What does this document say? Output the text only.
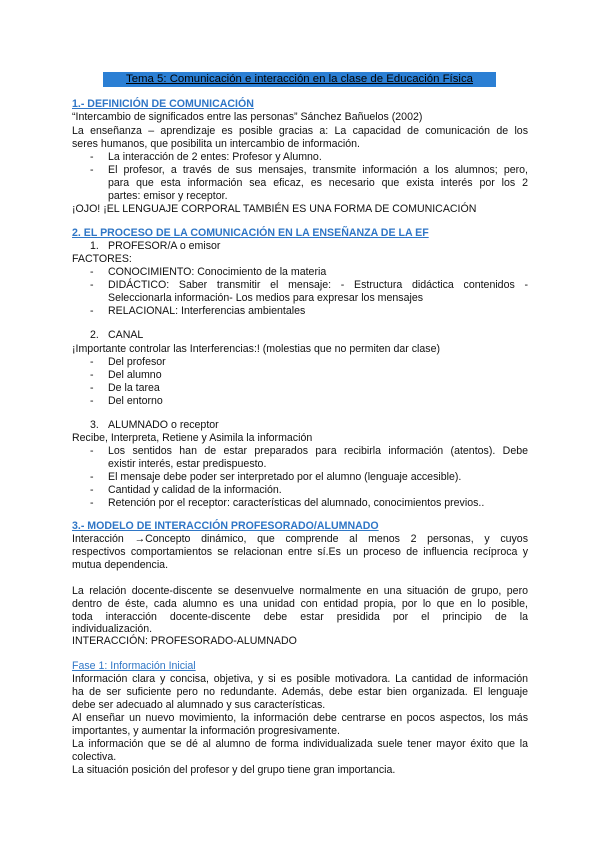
Tema 5: Comunicación e interacción en la clase de Educación Física
1.- DEFINICIÓN DE COMUNICACIÓN
“Intercambio de significados entre las personas” Sánchez Bañuelos (2002)
La enseñanza – aprendizaje es posible gracias a: La capacidad de comunicación de los
seres humanos, que posibilita un intercambio de información.
- La interacción de 2 entes: Profesor y Alumno.
- El profesor, a través de sus mensajes, transmite información a los alumnos; pero,
para que esta información sea eficaz, es necesario que exista interés por los 2
partes: emisor y receptor.
¡OJO! ¡EL LENGUAJE CORPORAL TAMBIÉN ES UNA FORMA DE COMUNICACIÓN
2. EL PROCESO DE LA COMUNICACIÓN EN LA ENSEÑANZA DE LA EF
1. PROFESOR/A o emisor
FACTORES:
- CONOCIMIENTO: Conocimiento de la materia
- DIDÁCTICO: Saber transmitir el mensaje: - Estructura didáctica contenidos -
Seleccionarla información- Los medios para expresar los mensajes
- RELACIONAL: Interferencias ambientales
2. CANAL
¡Importante controlar las Interferencias:! (molestias que no permiten dar clase)
- Del profesor
- Del alumno
- De la tarea
- Del entorno
3. ALUMNADO o receptor
Recibe, Interpreta, Retiene y Asimila la información
- Los sentidos han de estar preparados para recibirla información (atentos). Debe
existir interés, estar predispuesto.
- El mensaje debe poder ser interpretado por el alumno (lenguaje accesible).
- Cantidad y calidad de la información.
- Retención por el receptor: características del alumnado, conocimientos previos..
3.- MODELO DE INTERACCIÓN PROFESORADO/ALUMNADO
Interacción →Concepto dinámico, que comprende al menos 2 personas, y cuyos
respectivos comportamientos se relacionan entre sí.Es un proceso de influencia recíproca y
mutua dependencia.
La relación docente-discente se desenvuelve normalmente en una situación de grupo, pero
dentro de éste, cada alumno es una unidad con entidad propia, por lo que en lo posible,
toda interacción docente-discente debe estar presidida por el principio de la
individualización.
INTERACCIÓN: PROFESORADO-ALUMNADO
Fase 1: Información Inicial
Información clara y concisa, objetiva, y si es posible motivadora. La cantidad de información
ha de ser suficiente pero no redundante. Además, debe estar bien organizada. El lenguaje
debe ser adecuado al alumnado y sus características.
Al enseñar un nuevo movimiento, la información debe centrarse en pocos aspectos, los más
importantes, y aumentar la información progresivamente.
La información que se dé al alumno de forma individualizada suele tener mayor éxito que la
colectiva.
La situación posición del profesor y del grupo tiene gran importancia.
